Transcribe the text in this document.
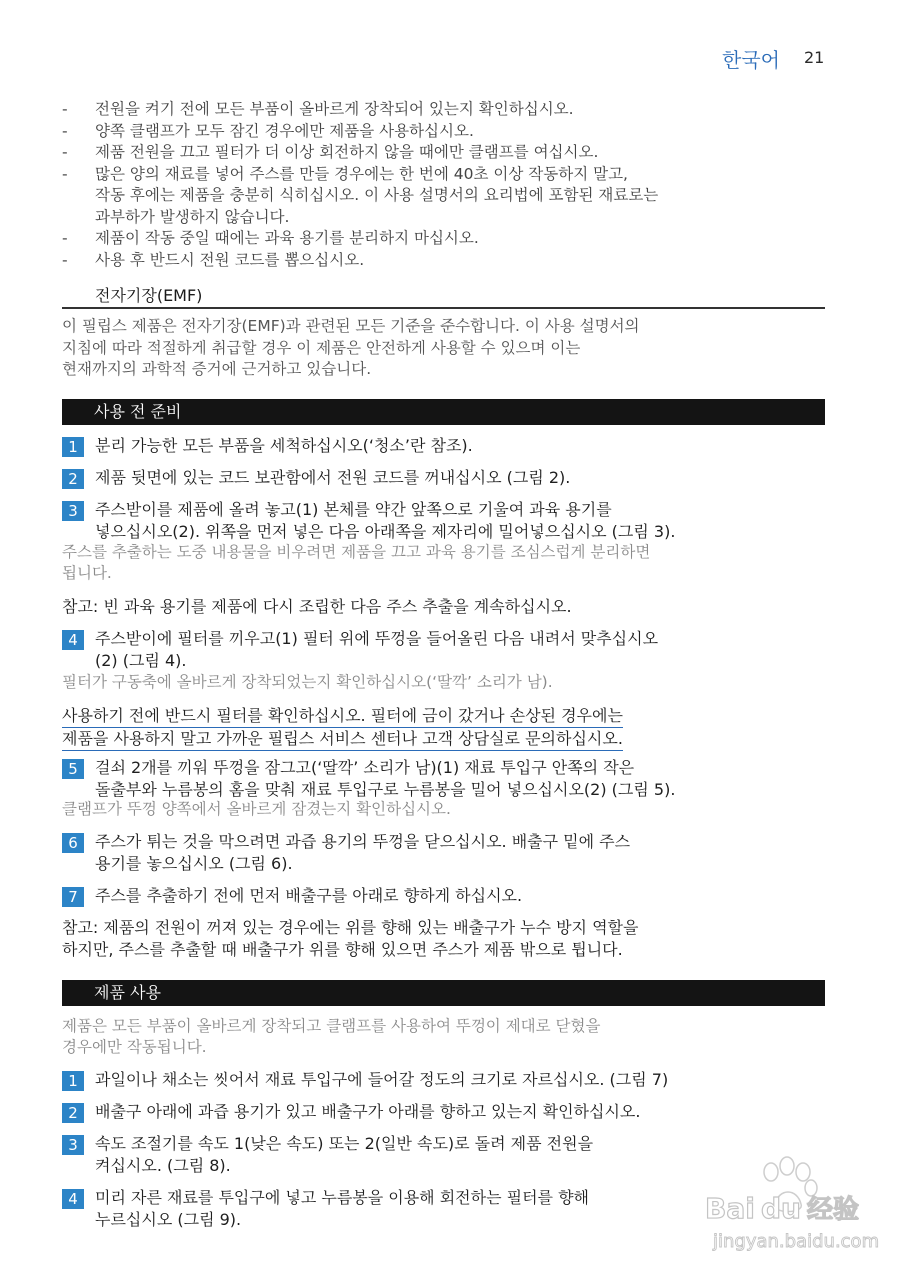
한국어 21
- 전원을 켜기 전에 모든 부품이 올바르게 장착되어 있는지 확인하십시오.
- 양쪽 클램프가 모두 잠긴 경우에만 제품을 사용하십시오.
- 제품 전원을 끄고 필터가 더 이상 회전하지 않을 때에만 클램프를 여십시오.
- 많은 양의 재료를 넣어 주스를 만들 경우에는 한 번에 40초 이상 작동하지 말고,
작동 후에는 제품을 충분히 식히십시오. 이 사용 설명서의 요리법에 포함된 재료로는
과부하가 발생하지 않습니다.
- 제품이 작동 중일 때에는 과육 용기를 분리하지 마십시오.
- 사용 후 반드시 전원 코드를 뽑으십시오.
전자기장(EMF)
이 필립스 제품은 전자기장(EMF)과 관련된 모든 기준을 준수합니다. 이 사용 설명서의
지침에 따라 적절하게 취급할 경우 이 제품은 안전하게 사용할 수 있으며 이는
현재까지의 과학적 증거에 근거하고 있습니다.
사용 전 준비
1	분리 가능한 모든 부품을 세척하십시오(‘청소’란 참조).
2	제품 뒷면에 있는 코드 보관함에서 전원 코드를 꺼내십시오 (그림 2).
3	주스받이를 제품에 올려 놓고(1) 본체를 약간 앞쪽으로 기울여 과육 용기를
넣으십시오(2). 위쪽을 먼저 넣은 다음 아래쪽을 제자리에 밀어넣으십시오 (그림 3).
주스를 추출하는 도중 내용물을 비우려면 제품을 끄고 과육 용기를 조심스럽게 분리하면
됩니다.
참고: 빈 과육 용기를 제품에 다시 조립한 다음 주스 추출을 계속하십시오.
4	주스받이에 필터를 끼우고(1) 필터 위에 뚜껑을 들어올린 다음 내려서 맞추십시오
(2) (그림 4).
필터가 구동축에 올바르게 장착되었는지 확인하십시오(‘딸깍’ 소리가 남).
사용하기 전에 반드시 필터를 확인하십시오. 필터에 금이 갔거나 손상된 경우에는
제품을 사용하지 말고 가까운 필립스 서비스 센터나 고객 상담실로 문의하십시오.
5	걸쇠 2개를 끼워 뚜껑을 잠그고(‘딸깍’ 소리가 남)(1) 재료 투입구 안쪽의 작은
돌출부와 누름봉의 홈을 맞춰 재료 투입구로 누름봉을 밀어 넣으십시오(2) (그림 5).
클램프가 뚜껑 양쪽에서 올바르게 잠겼는지 확인하십시오.
6	주스가 튀는 것을 막으려면 과즙 용기의 뚜껑을 닫으십시오. 배출구 밑에 주스
용기를 놓으십시오 (그림 6).
7	주스를 추출하기 전에 먼저 배출구를 아래로 향하게 하십시오.
참고: 제품의 전원이 꺼져 있는 경우에는 위를 향해 있는 배출구가 누수 방지 역할을
하지만, 주스를 추출할 때 배출구가 위를 향해 있으면 주스가 제품 밖으로 튑니다.
제품 사용
제품은 모든 부품이 올바르게 장착되고 클램프를 사용하여 뚜껑이 제대로 닫혔을
경우에만 작동됩니다.
1	과일이나 채소는 씻어서 재료 투입구에 들어갈 정도의 크기로 자르십시오. (그림 7)
2	배출구 아래에 과즙 용기가 있고 배출구가 아래를 향하고 있는지 확인하십시오.
3	속도 조절기를 속도 1(낮은 속도) 또는 2(일반 속도)로 돌려 제품 전원을
켜십시오. (그림 8).
4	미리 자른 재료를 투입구에 넣고 누름봉을 이용해 회전하는 필터를 향해
누르십시오 (그림 9).	Bai du 经验
jingyan.baidu.com
